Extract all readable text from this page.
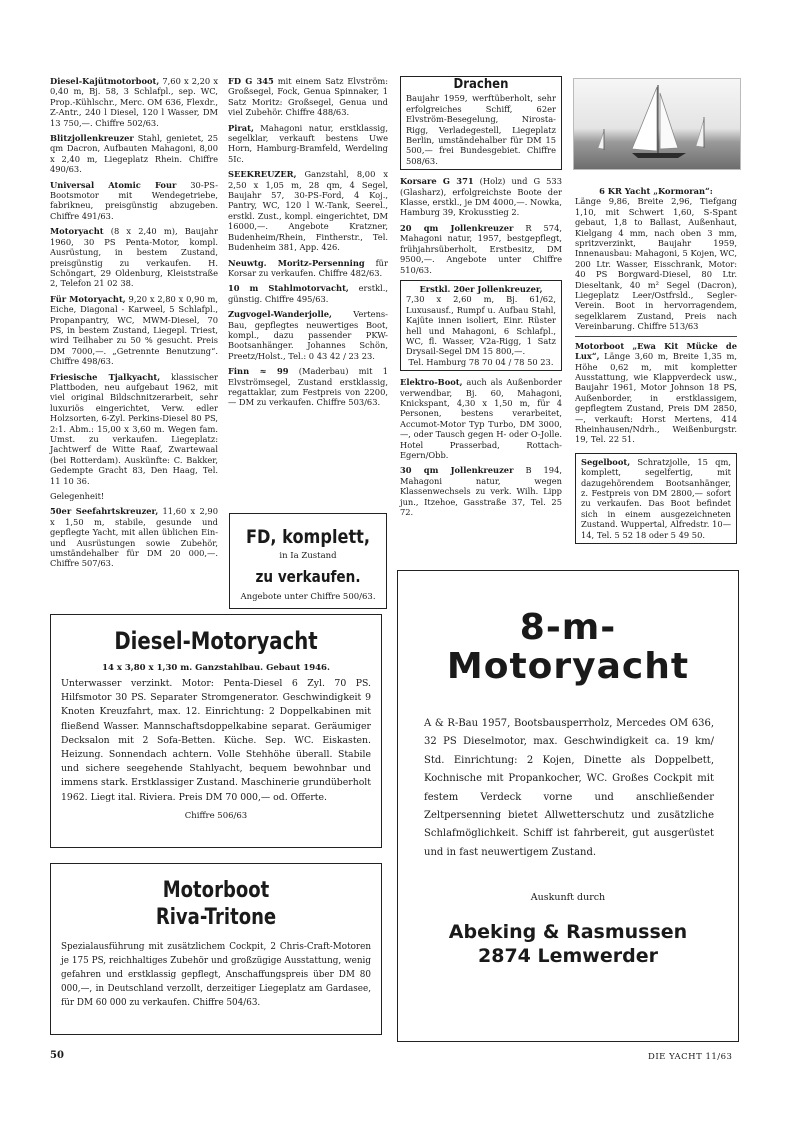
Diesel-Kajütmotorboot, 7,60 x 2,20 x 0,40 m, Bj. 58, 3 Schlafpl., sep. WC, Prop.-Kühlschr., Merc. OM 636, Flexdr., Z-Antr., 240 l Diesel, 120 l Wasser, DM 13 750,—. Chiffre 502/63.
Blitzjollenkreuzer Stahl, genietet, 25 qm Dacron, Aufbauten Mahagoni, 8,00 x 2,40 m, Liegeplatz Rhein. Chiffre 490/63.
Universal Atomic Four 30-PS-Bootsmotor mit Wendegetriebe, fabrikneu, preisgünstig abzugeben. Chiffre 491/63.
Motoryacht (8 x 2,40 m), Baujahr 1960, 30 PS Penta-Motor, kompl. Ausrüstung, in bestem Zustand, preisgünstig zu verkaufen. H. Schöngart, 29 Oldenburg, Kleiststraße 2, Telefon 21 02 38.
Für Motoryacht, 9,20 x 2,80 x 0,90 m, Eiche, Diagonal - Karweel, 5 Schlafpl., Propanpantry, WC, MWM-Diesel, 70 PS, in bestem Zustand, Liegepl. Triest, wird Teilhaber zu 50 % gesucht. Preis DM 7000,—. „Getrennte Benutzung“. Chiffre 498/63.
Friesische Tjalkyacht, klassischer Plattboden, neu aufgebaut 1962, mit viel original Bildschnitzerarbeit, sehr luxuriös eingerichtet, Verw. edler Holzsorten, 6-Zyl. Perkins-Diesel 80 PS, 2:1. Abm.: 15,00 x 3,60 m. Wegen fam. Umst. zu verkaufen. Liegeplatz: Jachtwerf de Witte Raaf, Zwartewaal (bei Rotterdam). Auskünfte: C. Bakker, Gedempte Gracht 83, Den Haag, Tel. 11 10 36.
Gelegenheit!
50er Seefahrtskreuzer, 11,60 x 2,90 x 1,50 m, stabile, gesunde und gepflegte Yacht, mit allen üblichen Ein- und Ausrüstungen sowie Zubehör, umständehalber für DM 20 000,—. Chiffre 507/63.
FD G 345 mit einem Satz Elvström: Großsegel, Fock, Genua Spinnaker, 1 Satz Moritz: Großsegel, Genua und viel Zubehör. Chiffre 488/63.
Pirat, Mahagoni natur, erstklassig, segelklar, verkauft bestens Uwe Horn, Hamburg-Bramfeld, Werdeling 5Ic.
SEEKREUZER, Ganzstahl, 8,00 x 2,50 x 1,05 m, 28 qm, 4 Segel, Baujahr 57, 30-PS-Ford, 4 Koj., Pantry, WC, 120 l W.-Tank, Seerel., erstkl. Zust., kompl. eingerichtet, DM 16000,—. Angebote Kratzner, Budenheim/Rhein, Fintherstr., Tel. Budenheim 381, App. 426.
Neuwtg. Moritz-Persenning für Korsar zu verkaufen. Chiffre 482/63.
10 m Stahlmotorvacht, erstkl., günstig. Chiffre 495/63.
Zugvogel-Wanderjolle,	Vertens-Bau, gepflegtes neuwertiges Boot, kompl., dazu passender PKW-Bootsanhänger. Johannes Schön, Preetz/Holst., Tel.: 0 43 42 / 23 23.
Finn ≈ 99 (Maderbau) mit 1 Elvströmsegel, Zustand erstklassig, regattaklar, zum Festpreis von 2200,— DM zu verkaufen. Chiffre 503/63.
FD, komplett,
in Ia Zustand
zu verkaufen.
Angebote unter Chiffre 500/63.
Drachen
Baujahr 1959, werftüberholt, sehr erfolgreiches Schiff, 62er Elvström-Besegelung, Nirosta-Rigg, Verladegestell, Liegeplatz Berlin, umständehalber für DM 15 500,— frei Bundesgebiet. Chiffre 508/63.
Korsare G 371 (Holz) und G 533 (Glasharz), erfolgreichste Boote der Klasse, erstkl., je DM 4000,—. Nowka, Hamburg 39, Krokusstieg 2.
20 qm Jollenkreuzer R 574, Mahagoni natur, 1957, bestgepflegt, frühjahrsüberholt, Erstbesitz, DM 9500,—. Angebote unter Chiffre 510/63.
Erstkl. 20er Jollenkreuzer,
7,30 x 2,60 m, Bj. 61/62, Luxusausf., Rumpf u. Aufbau Stahl, Kajüte innen isoliert, Einr. Rüster hell und Mahagoni, 6 Schlafpl., WC, fl. Wasser, V2a-Rigg, 1 Satz Drysail-Segel DM 15 800,—.
Tel. Hamburg 78 70 04 / 78 50 23.
Elektro-Boot, auch als Außenborder verwendbar, Bj. 60, Mahagoni, Knickspant, 4,30 x 1,50 m, für 4 Personen, bestens verarbeitet, Accumot-Motor Typ Turbo, DM 3000,—, oder Tausch gegen H- oder O-Jolle. Hotel Prasserbad, Rottach-Egern/Obb.
30 qm Jollenkreuzer B 194, Mahagoni natur, wegen Klassenwechsels zu verk. Wilh. Lipp jun., Itzehoe, Gasstraße 37, Tel. 25 72.
6 KR Yacht „Kormoran“:
Länge 9,86, Breite 2,96, Tiefgang 1,10, mit Schwert 1,60, S-Spant gebaut, 1,8 to Ballast, Außenhaut, Kielgang 4 mm, nach oben 3 mm, spritzverzinkt, Baujahr 1959, Innenausbau: Mahagoni, 5 Kojen, WC, 200 Ltr. Wasser, Eisschrank, Motor: 40 PS Borgward-Diesel, 80 Ltr. Dieseltank, 40 m² Segel (Dacron), Liegeplatz Leer/Ostfrsld., Segler-Verein. Boot in hervorragendem, segelklarem Zustand, Preis nach Vereinbarung. Chiffre 513/63
Motorboot „Ewa Kit Mücke de Lux“, Länge 3,60 m, Breite 1,35 m, Höhe 0,62 m, mit kompletter Ausstattung, wie Klappverdeck usw., Baujahr 1961, Motor Johnson 18 PS, Außenborder, in erstklassigem, gepflegtem Zustand, Preis DM 2850,—, verkauft: Horst Mertens, 414 Rheinhausen/Ndrh., Weißenburgstr. 19, Tel. 22 51.
Segelboot, Schratzjolle, 15 qm, komplett, segelfertig, mit dazugehörendem Bootsanhänger, z. Festpreis von DM 2800,— sofort zu verkaufen. Das Boot befindet sich in einem ausgezeichneten Zustand. Wuppertal, Alfredstr. 10—14, Tel. 5 52 18 oder 5 49 50.
Diesel-Motoryacht
14 x 3,80 x 1,30 m. Ganzstahlbau. Gebaut 1946.
Unterwasser verzinkt. Motor: Penta-Diesel 6 Zyl. 70 PS. Hilfsmotor 30 PS. Separater Stromgenerator. Geschwindigkeit 9 Knoten Kreuzfahrt, max. 12. Einrichtung: 2 Doppelkabinen mit fließend Wasser. Mannschaftsdoppelkabine separat. Geräumiger Decksalon mit 2 Sofa-Betten. Küche. Sep. WC. Eiskasten. Heizung. Sonnendach achtern. Volle Stehhöhe überall. Stabile und sichere seegehende Stahlyacht, bequem bewohnbar und immens stark. Erstklassiger Zustand. Maschinerie grundüberholt 1962. Liegt ital. Riviera. Preis DM 70 000,— od. Offerte.
Chiffre 506/63
Motorboot
Riva-Tritone
Spezialausführung mit zusätzlichem Cockpit, 2 Chris-Craft-Motoren je 175 PS, reichhaltiges Zubehör und großzügige Ausstattung, wenig gefahren und erstklassig gepflegt, Anschaffungspreis über DM 80 000,—, in Deutschland verzollt, derzeitiger Liegeplatz am Gardasee, für DM 60 000 zu verkaufen. Chiffre 504/63.
8-m-
Motoryacht
A & R-Bau 1957, Bootsbausperrholz, Mercedes OM 636, 32 PS Dieselmotor, max. Geschwindigkeit ca. 19 km/ Std. Einrichtung: 2 Kojen, Dinette als Doppelbett, Kochnische mit Propankocher, WC. Großes Cockpit mit festem Verdeck vorne und anschließender Zeltpersenning bietet Allwetterschutz und zusätzliche Schlafmöglichkeit. Schiff ist fahrbereit, gut ausgerüstet und in fast neuwertigem Zustand.
Auskunft durch
Abeking & Rasmussen
2874 Lemwerder
50	DIE YACHT 11/63
